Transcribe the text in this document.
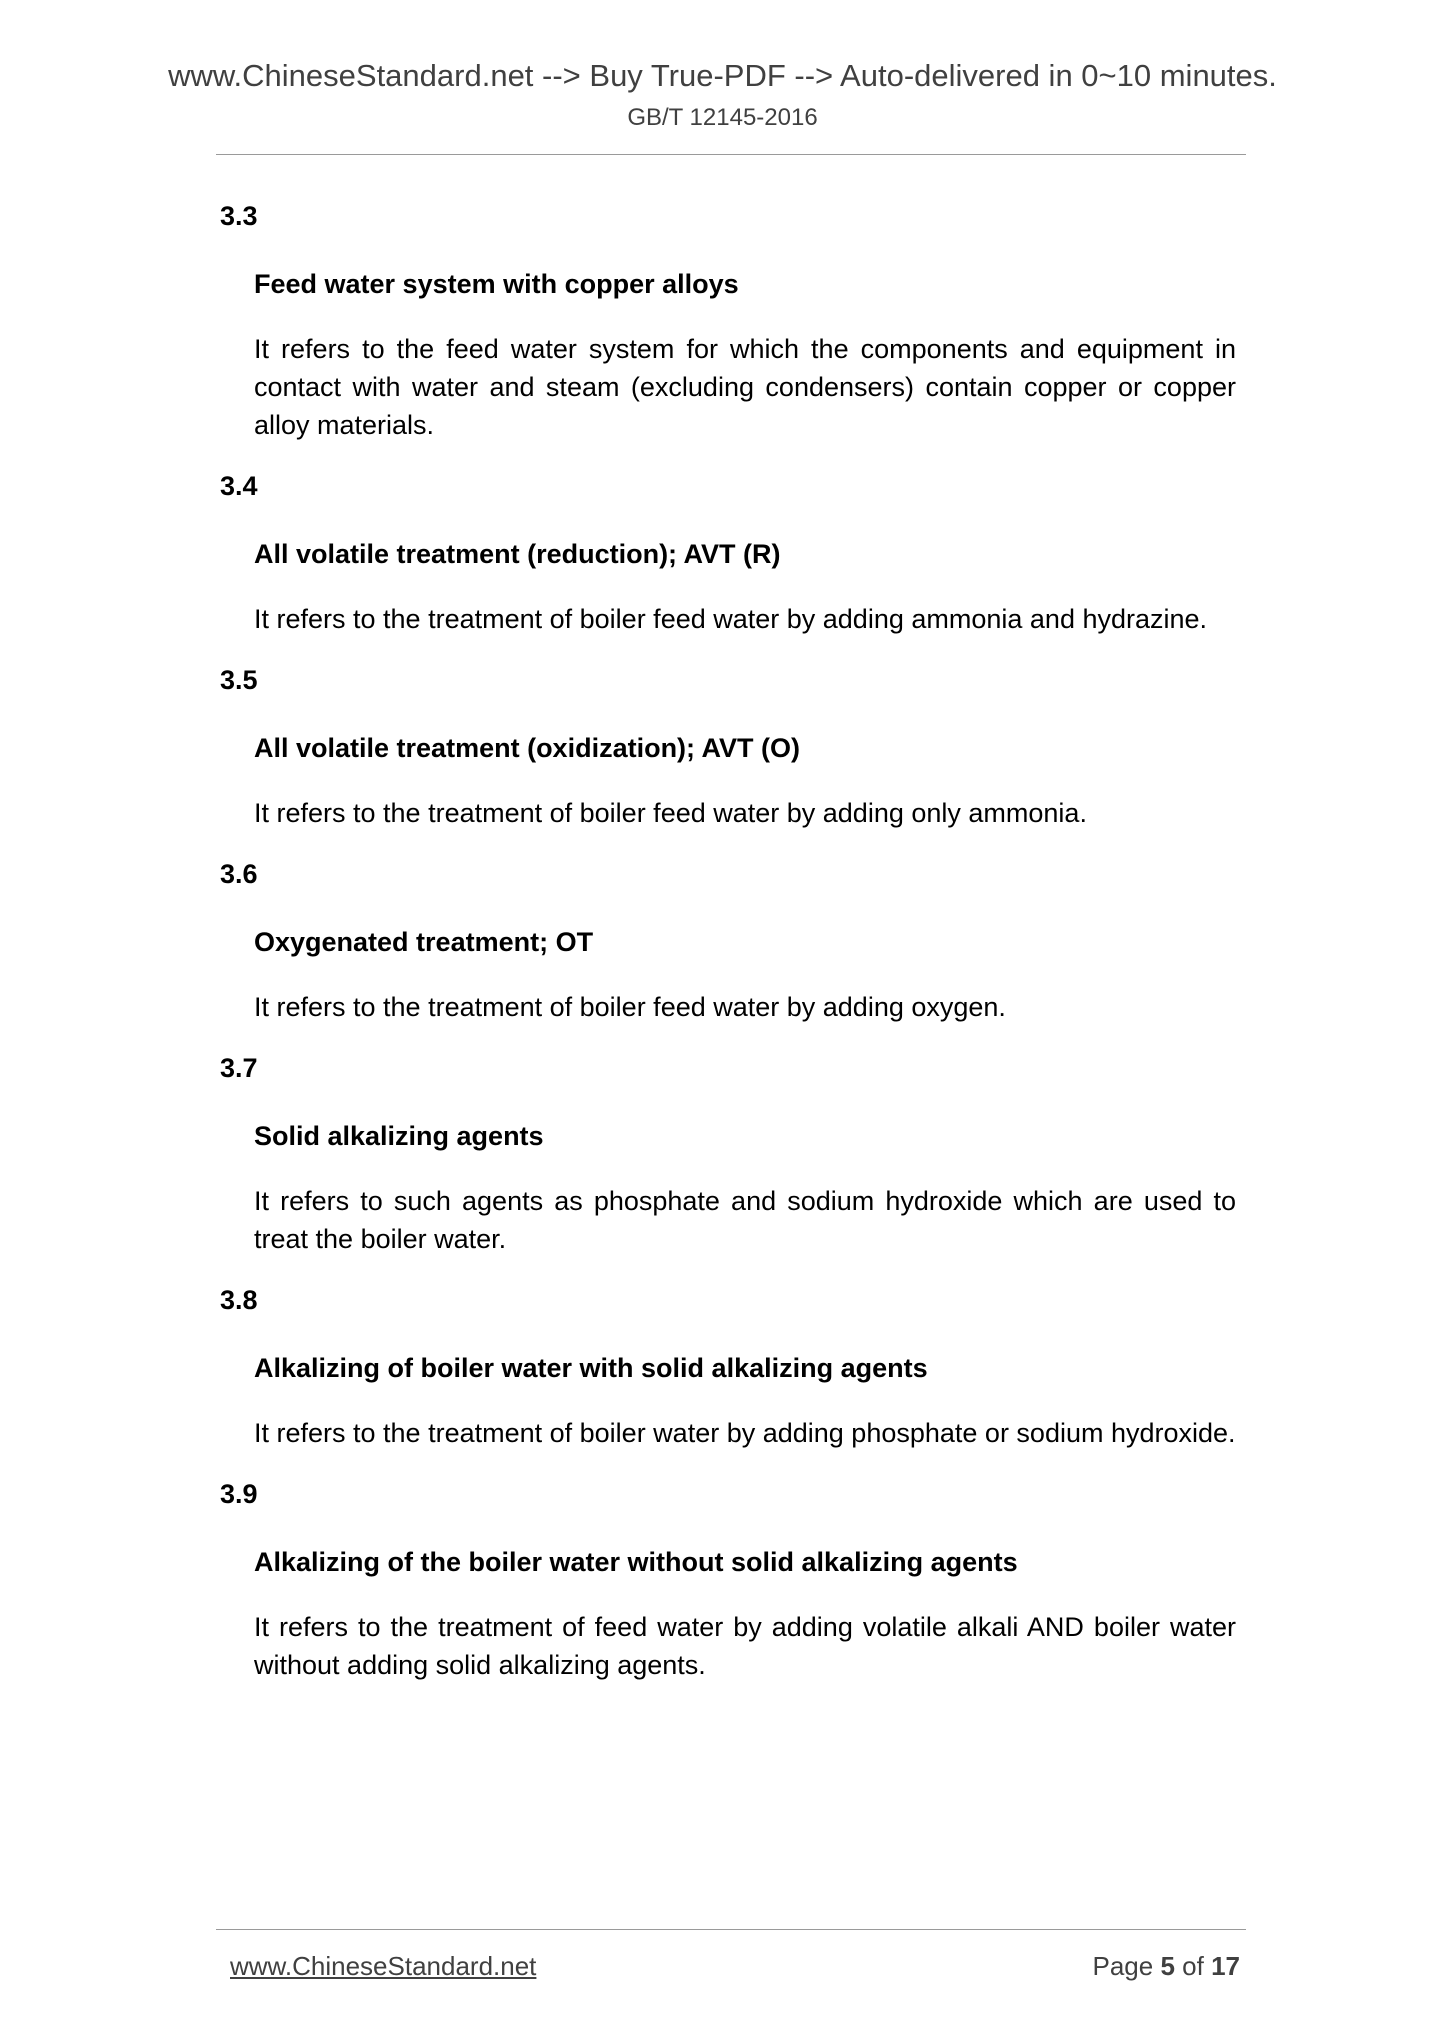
www.ChineseStandard.net --> Buy True-PDF --> Auto-delivered in 0~10 minutes.
GB/T 12145-2016
3.3
Feed water system with copper alloys
It refers to the feed water system for which the components and equipment in contact with water and steam (excluding condensers) contain copper or copper alloy materials.
3.4
All volatile treatment (reduction); AVT (R)
It refers to the treatment of boiler feed water by adding ammonia and hydrazine.
3.5
All volatile treatment (oxidization); AVT (O)
It refers to the treatment of boiler feed water by adding only ammonia.
3.6
Oxygenated treatment; OT
It refers to the treatment of boiler feed water by adding oxygen.
3.7
Solid alkalizing agents
It refers to such agents as phosphate and sodium hydroxide which are used to treat the boiler water.
3.8
Alkalizing of boiler water with solid alkalizing agents
It refers to the treatment of boiler water by adding phosphate or sodium hydroxide.
3.9
Alkalizing of the boiler water without solid alkalizing agents
It refers to the treatment of feed water by adding volatile alkali AND boiler water without adding solid alkalizing agents.
www.ChineseStandard.net	Page 5 of 17
